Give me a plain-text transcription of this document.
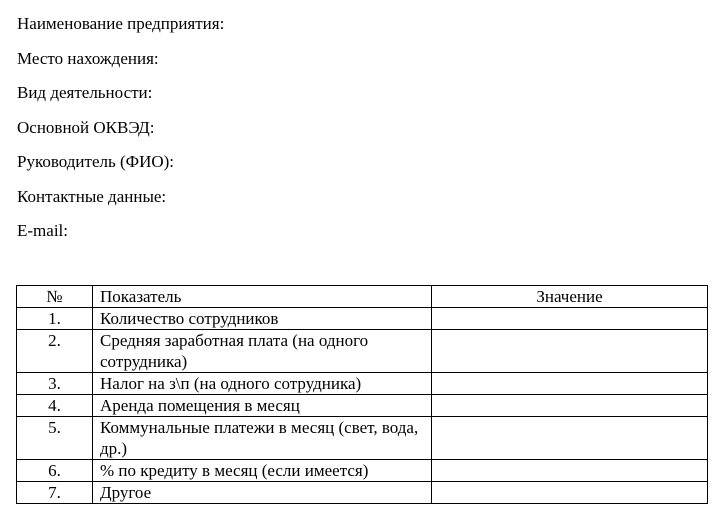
Наименование предприятия:
Место нахождения:
Вид деятельности:
Основной ОКВЭД:
Руководитель (ФИО):
Контактные данные:
E-mail:
№	Показатель	Значение
1.	Количество сотрудников	
2.	Средняя заработная плата (на одного сотрудника)	
3.	Налог на з\п (на одного сотрудника)	
4.	Аренда помещения в месяц	
5.	Коммунальные платежи в месяц (свет, вода, др.)	
6.	% по кредиту в месяц (если имеется)	
7.	Другое	
